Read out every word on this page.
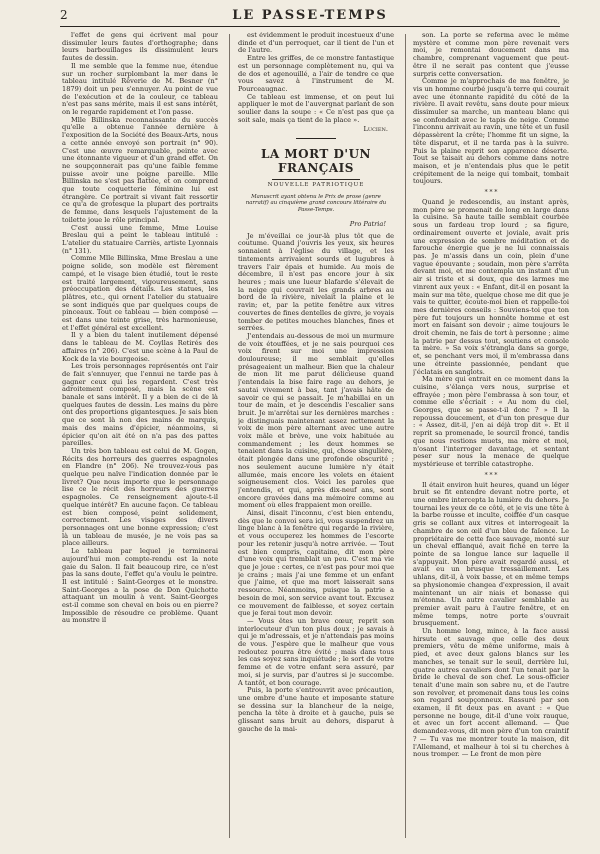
2	LE PASSE-TEMPS

l'effet de gens qui écrivent mal pour dissimuler leurs fautes d'orthographe; dans leurs barbouillages ils dissimulent leurs fautes de dessin.

Il me semble que la femme nue, étendue sur un rocher surplombant la mer dans le tableau intitulé Rêverie de M. Besner (n° 1879) doit un peu s'ennuyer. Au point de vue de l'exécution et de la couleur, ce tableau n'est pas sans mérite, mais il est sans intérêt, on le regarde rapidement et l'on passe.

Mlle Billinska reconnaissante du succès qu'elle a obtenue l'année dernière à l'exposition de la Société des Beaux-Arts, nous a cette année envoyé son portrait (n° 90). C'est une œuvre remarquable, peinte avec une étonnante vigueur et d'un grand effet. On ne soupçonnerait pas qu'une faible femme puisse avoir une poigne pareille. Mlle Billinska ne s'est pas flattée, et on comprend que toute coquetterie féminine lui est étrangère. Ce portrait si vivant fait ressortir ce qu'a de grotesque la plupart des portraits de femme, dans lesquels l'ajustement de la toilette joue le rôle principal.

C'est aussi une femme, Mme Louise Breslau qui a peint le tableau intitulé : L'atelier du statuaire Carriès, artiste Lyonnais (n° 131).

Comme Mlle Billinska, Mme Breslau a une poigne solide, son modèle est fièrement campé, et le visage bien étudié, tout le reste est traité largement, vigoureusement, sans préoccupation des détails. Les statues, les plâtres, etc., qui ornent l'atelier du statuaire se sont indiqués que par quelques coups de pinceaux. Tout ce tableau — bien composé — est dans une teinte grise, très harmonieuse, et l'effet général est excellent.

Il y a bien du talent inutilement dépensé dans le tableau de M. Coyllas Retirés des affaires (n° 206). C'est une scène à la Paul de Kock de la vie bourgeoise.

Les trois personnages représentés ont l'air de fait s'ennuyer, que l'ennui ne tarde pas à gagner ceux qui les regardent. C'est très adroitement composé, mais la scène est banale et sans intérêt. Il y a bien de ci de là quelques fautes de dessin. Les mains du père ont des proportions gigantesques. Je sais bien que ce sont là non des mains de marquis, mais des mains d'épicier, néanmoins, si épicier qu'on ait été on n'a pas des pattes pareilles.

Un très bon tableau est celui de M. Gogen, Récits des horreurs des guerres espagnoles en Flandre (n° 206). Ne trouvez-vous pas quelque peu naïve l'indication donnée par le livret? Que nous importe que le personnage lise ce le récit des horreurs des guerres espagnoles. Ce renseignement ajoute-t-il quelque intérêt? En aucune façon. Ce tableau est bien composé, peint solidement, correctement. Les visages des divers personnages ont une bonne expression; c'est là un tableau de musée, je ne vois pas sa place ailleurs.

Le tableau par lequel je terminerai aujourd'hui mon compte-rendu est la note gaie du Salon. Il fait beaucoup rire, ce n'est pas la sans doute, l'effet qu'a voulu le peintre. Il est intitulé : Saint-Georges et le monstre. Saint-Georges a la pose de Don Quichotte attaquant un moulin à vent. Saint-Georges est-il comme son cheval en bois ou en pierre? Impossible de résoudre ce problème. Quant au monstre il

est évidemment le produit incestueux d'une dinde et d'un perroquet, car il tient de l'un et de l'autre.

Entre les griffes, de ce monstre fantastique est un personnage complètement nu, qui va de dos et agenouillé, a l'air de tendre ce que vous savez à l'instrument de M. Pourceaugnac.

Ce tableau est immense, et on peut lui appliquer le mot de l'auvergnat parlant de son soulier dans la soupe : « Ce n'est pas que ça soit sale, mais ça tient de la place ».

Lucien.

LA MORT D'UN FRANÇAIS

NOUVELLE PATRIOTIQUE

Manuscrit ayant obtenu le Prix de prose (genre narratif) au cinquième grand concours littéraire du Passe-Temps.

Pro Patria!

Je m'éveillai ce jour-là plus tôt que de coutume. Quand j'ouvris les yeux, six heures sonnaient à l'église du village, et les tintements arrivaient sourds et lugubres à travers l'air épais et humide. Au mois de décembre, il n'est pas encore jour à six heures ; mais une lueur blafarde s'élevait de la neige qui couvrait les grands arbres au bord de la rivière, nivelait la plaine et le ravin; et, par la petite fenêtre aux vitres couvertes de fines dentelles de givre, je voyais tomber de petites mouches blanches, fines et serrées.

J'entendais au-dessous de moi un murmure de voix étouffées, et je ne sais pourquoi ces voix firent sur moi une impression douloureuse; il me semblait qu'elles présageaient un malheur. Bien que la chaleur de mon lit me parut délicieuse quand j'entendais la bise faire rage au dehors, je sautai vivement à bas, tant j'avais hâte de savoir ce qui se passait. Je m'habillai en un tour de main, et je descendis l'escalier sans bruit. Je m'arrêtai sur les dernières marches : je distinguais maintenant assez nettement la voix de mon père alternant avec une autre voix mâle et brève, une voix habituée au commandement ; les deux hommes se tenaient dans la cuisine, qui, chose singulière, était plongée dans une profonde obscurité ; nos seulement aucune lumière n'y était allumée, mais encore les volets en étaient soigneusement clos. Voici les paroles que j'entendis, et qui, après dix-neuf ans, sont encore gravées dans ma mémoire comme au moment où elles frappaient mon oreille.

Ainsi, disait l'inconnu, c'est bien entendu, dès que le convoi sera ici, vous suspendrez un linge blanc à la fenêtre qui regarde la rivière, et vous occuperez les hommes de l'escorte pour les retenir jusqu'à notre arrivée. — Tout est bien compris, capitaine, dit mon père d'une voix qui tremblait un peu. C'est ma vie que je joue : certes, ce n'est pas pour moi que je crains ; mais j'ai une femme et un enfant que j'aime, et que ma mort laisserait sans ressource. Néanmoins, puisque la patrie a besoin de moi, son service avant tout. Excusez ce mouvement de faiblesse, et soyez certain que je ferai tout mon devoir.

— Vous êtes un brave cœur, reprit son interlocuteur d'un ton plus doux ; je savais à qui je m'adressais, et je n'attendais pas moins de vous. J'espère que le malheur que vous redoutez pourra être évité ; mais dans tous les cas soyez sans inquiétude ; le sort de votre femme et de votre enfant sera assuré, par moi, si je survis, par d'autres si je succombe. A tantôt, et bon courage.

Puis, la porte s'entrouvrit avec précaution, une ombre d'une haute et imposante stature se dessina sur la blancheur de la neige, pencha la tête à droite et à gauche, puis se glissant sans bruit au dehors, disparut à gauche de la mai-

son. La porte se referma avec le même mystère et comme mon père revenait vers moi, je remontai doucement dans ma chambre, comprenant vaguement que peut-être il ne serait pas content que j'eusse surpris cette conversation.

Comme je m'approchais de ma fenêtre, je vis un homme courbé jusqu'à terre qui courait avec une étonnante rapidité du côté de la rivière. Il avait revêtu, sans doute pour mieux dissimuler sa marche, un manteau blanc qui se confondait avec le tapis de neige. Comme l'inconnu arrivait au ravin, une tête et un fusil dépassèrent la crête; l'homme fit un signe, la tête disparut, et il ne tarda pas à la suivre. Puis la plaine reprit son apparence déserte. Tout se taisait au dehors comme dans notre maison, et je n'entendais plus que le petit crépitement de la neige qui tombait, tombait toujours.

* * *

Quand je redescendis, au instant après, mon père se promenait de long en large dans la cuisine. Sa haute taille semblait courbée sous un fardeau trop lourd ; sa figure, ordinairement ouverte et joviale, avait pris une expression de sombre méditation et de farouche énergie que je ne lui connaissais pas. Je m'assis dans un coin, plein d'une vague épouvante ; soudain, mon père s'arrêta devant moi, et me contempla un instant d'un air si triste et si doux, que des larmes me vinrent aux yeux : « Enfant, dit-il en posant la main sur ma tête, quelque chose me dit que je vais te quitter, écoute-moi bien et rappelle-toi mes dernières conseils : Souviens-toi que ton père fut toujours un honnête homme et est mort en faisant son devoir ; aime toujours le droit chemin, ne fais de tort à personne ; aime la patrie par dessus tout, soutiens et console ta mère. » Sa voix s'étrangla dans sa gorge, et, se penchant vers moi, il m'embrassa dans une étreinte passionnée, pendant que j'éclatais en sanglots.

Ma mère qui entrait en ce moment dans la cuisine, s'élança vers nous, surprise et effrayée ; mon père l'embrassa à son tour, et comme elle s'écriait : « Au nom du ciel, Georges, que se passe-t-il donc ? » Il la repoussa doucement, et d'un ton presque dur : « Assez, dit-il, j'en ai déjà trop dit ». Et il reprit sa promenade, le sourcil froncé, tandis que nous restions muets, ma mère et moi, n'osant l'interroger davantage, et sentant peser sur nous la menace de quelque mystérieuse et terrible catastrophe.

* * *

Il était environ huit heures, quand un léger bruit se fit entendre devant notre porte, et une ombre intercepta la lumière du dehors. Je tournai les yeux de ce côté, et je vis une tête à la barbe rousse et inculte, coiffée d'un casque gris se collant aux vitres et interrogeait la chambre de son œil d'un bleu de faïence. Le propriétaire de cette face sauvage, monté sur un cheval efflanqué, avait fiché en terre la pointe de sa longue lance sur laquelle il s'appuyait. Mon père avait regardé aussi, et avait eu un brusque tressaillement. Les uhlans, dit-il, à voix basse, et en même temps sa physionomie changea d'expression, il avait maintenant un air niais et bonasse qui m'étonna. Un autre cavalier semblable au premier avait paru à l'autre fenêtre, et en même temps, notre porte s'ouvrait brusquement.

Un homme long, mince, à la face aussi hirsute et sauvage que celle des deux premiers, vêtu de même uniforme, mais à pied, et avec deux galons blancs sur les manches, se tenait sur le seuil, derrière lui, quatre autres cavaliers dont l'un tenait par la bride le cheval de son chef. Le sous-officier tenait d'une main son sabre nu, et de l'autre son revolver, et promenait dans tous les coins son regard soupçonneux. Rassuré par son examen, il fit deux pas en avant : « Que personne ne bouge, dit-il d'une voix rauque, et avec un fort accent allemand. — Que demandez-vous, dit mon père d'un ton craintif ? — Tu vas me montrer toute la maison, dit l'Allemand, et malheur à toi si tu cherches à nous tromper. — Le front de mon père
